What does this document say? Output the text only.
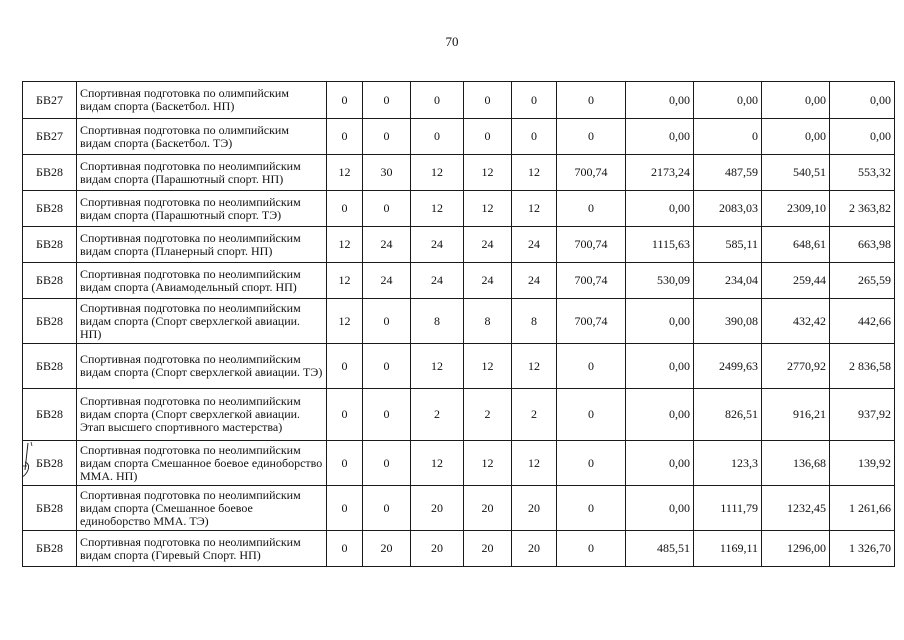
70
БВ27	Спортивная подготовка по олимпийским видам спорта (Баскетбол. НП)	0	0	0	0	0	0	0,00	0,00	0,00	0,00
БВ27	Спортивная подготовка по олимпийским видам спорта (Баскетбол. ТЭ)	0	0	0	0	0	0	0,00	0	0,00	0,00
БВ28	Спортивная подготовка по неолимпийским видам спорта (Парашютный спорт. НП)	12	30	12	12	12	700,74	2173,24	487,59	540,51	553,32
БВ28	Спортивная подготовка по неолимпийским видам спорта (Парашютный спорт. ТЭ)	0	0	12	12	12	0	0,00	2083,03	2309,10	2 363,82
БВ28	Спортивная подготовка по неолимпийским видам спорта (Планерный спорт. НП)	12	24	24	24	24	700,74	1115,63	585,11	648,61	663,98
БВ28	Спортивная подготовка по неолимпийским видам спорта (Авиамодельный спорт. НП)	12	24	24	24	24	700,74	530,09	234,04	259,44	265,59
БВ28	Спортивная подготовка по неолимпийским видам спорта (Спорт сверхлегкой авиации. НП)	12	0	8	8	8	700,74	0,00	390,08	432,42	442,66
БВ28	Спортивная подготовка по неолимпийским видам спорта (Спорт сверхлегкой авиации. ТЭ)	0	0	12	12	12	0	0,00	2499,63	2770,92	2 836,58
БВ28	Спортивная подготовка по неолимпийским видам спорта (Спорт сверхлегкой авиации. Этап высшего спортивного мастерства)	0	0	2	2	2	0	0,00	826,51	916,21	937,92
БВ28	Спортивная подготовка по неолимпийским видам спорта Смешанное боевое единоборство ММА. НП)	0	0	12	12	12	0	0,00	123,3	136,68	139,92
БВ28	Спортивная подготовка по неолимпийским видам спорта (Смешанное боевое единоборство ММА. ТЭ)	0	0	20	20	20	0	0,00	1111,79	1232,45	1 261,66
БВ28	Спортивная подготовка по неолимпийским видам спорта (Гиревый Спорт. НП)	0	20	20	20	20	0	485,51	1169,11	1296,00	1 326,70
